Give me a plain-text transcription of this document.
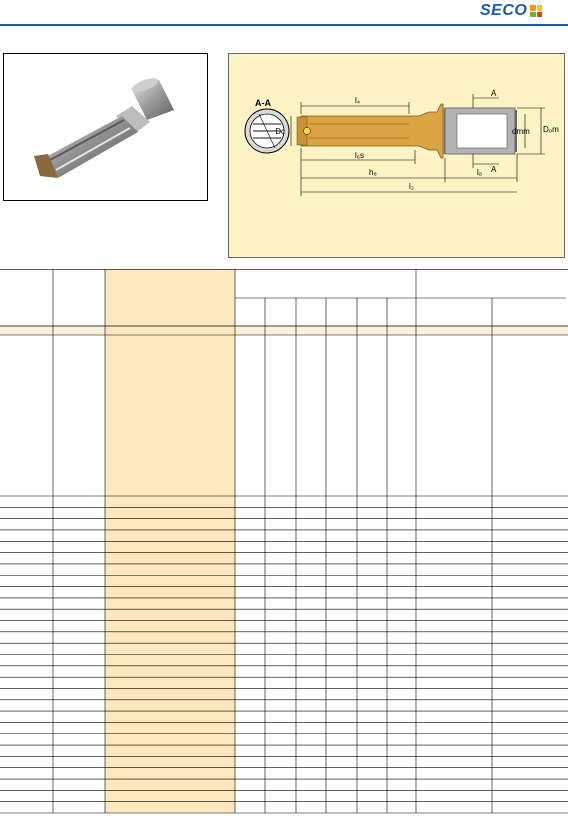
SECO
A-A	l₄
Dc
l₆s
h₈	l₈
l₂
dmm D₀m
A
A
